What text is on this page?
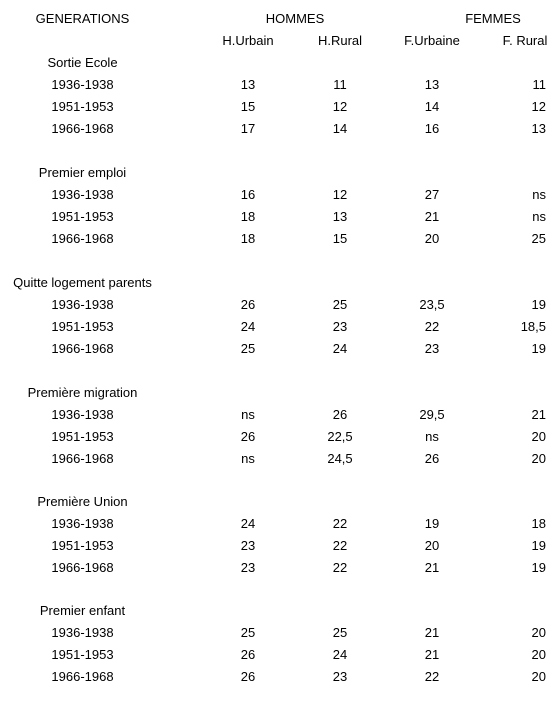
GENERATIONS	HOMMES	FEMMES
H.Urbain	H.Rural	F.Urbaine	F. Rural
Sortie Ecole
1936-1938	13	11	13	11
1951-1953	15	12	14	12
1966-1968	17	14	16	13
Premier emploi
1936-1938	16	12	27	ns
1951-1953	18	13	21	ns
1966-1968	18	15	20	25
Quitte logement parents
1936-1938	26	25	23,5	19
1951-1953	24	23	22	18,5
1966-1968	25	24	23	19
Première migration
1936-1938	ns	26	29,5	21
1951-1953	26	22,5	ns	20
1966-1968	ns	24,5	26	20
Première Union
1936-1938	24	22	19	18
1951-1953	23	22	20	19
1966-1968	23	22	21	19
Premier enfant
1936-1938	25	25	21	20
1951-1953	26	24	21	20
1966-1968	26	23	22	20
